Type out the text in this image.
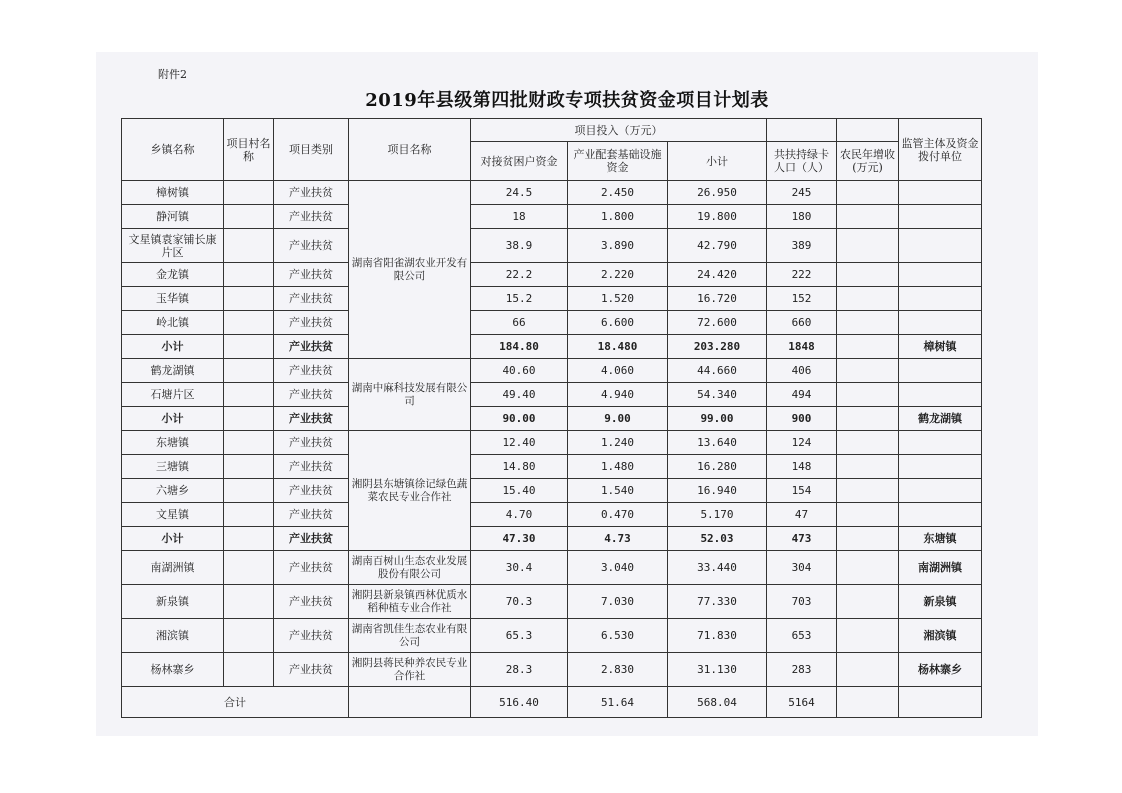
附件2
2019年县级第四批财政专项扶贫资金项目计划表
乡镇名称	项目村名称	项目类别	项目名称	项目投入（万元）					监管主体及资金拨付单位
				对接贫困户资金	产业配套基础设施资金	小计	共扶持绿卡人口（人）	农民年增收(万元)	
樟树镇		产业扶贫	湖南省阳雀湖农业开发有限公司	24.5	2.450	26.950	245		
静河镇		产业扶贫		18	1.800	19.800	180		
文星镇袁家铺长康片区		产业扶贫		38.9	3.890	42.790	389		
金龙镇		产业扶贫		22.2	2.220	24.420	222		
玉华镇		产业扶贫		15.2	1.520	16.720	152		
岭北镇		产业扶贫		66	6.600	72.600	660		
小计		产业扶贫		184.80	18.480	203.280	1848		樟树镇
鹤龙湖镇		产业扶贫	湖南中麻科技发展有限公司	40.60	4.060	44.660	406		
石塘片区		产业扶贫		49.40	4.940	54.340	494		
小计		产业扶贫		90.00	9.00	99.00	900		鹤龙湖镇
东塘镇		产业扶贫	湘阴县东塘镇徐记绿色蔬菜农民专业合作社	12.40	1.240	13.640	124		
三塘镇		产业扶贫		14.80	1.480	16.280	148		
六塘乡		产业扶贫		15.40	1.540	16.940	154		
文星镇		产业扶贫		4.70	0.470	5.170	47		
小计		产业扶贫		47.30	4.73	52.03	473		东塘镇
南湖洲镇		产业扶贫	湖南百树山生态农业发展股份有限公司	30.4	3.040	33.440	304		南湖洲镇
新泉镇		产业扶贫	湘阴县新泉镇西林优质水稻种植专业合作社	70.3	7.030	77.330	703		新泉镇
湘滨镇		产业扶贫	湖南省凯佳生态农业有限公司	65.3	6.530	71.830	653		湘滨镇
杨林寨乡		产业扶贫	湘阴县蒋民种养农民专业合作社	28.3	2.830	31.130	283		杨林寨乡
合计				516.40	51.64	568.04	5164		
